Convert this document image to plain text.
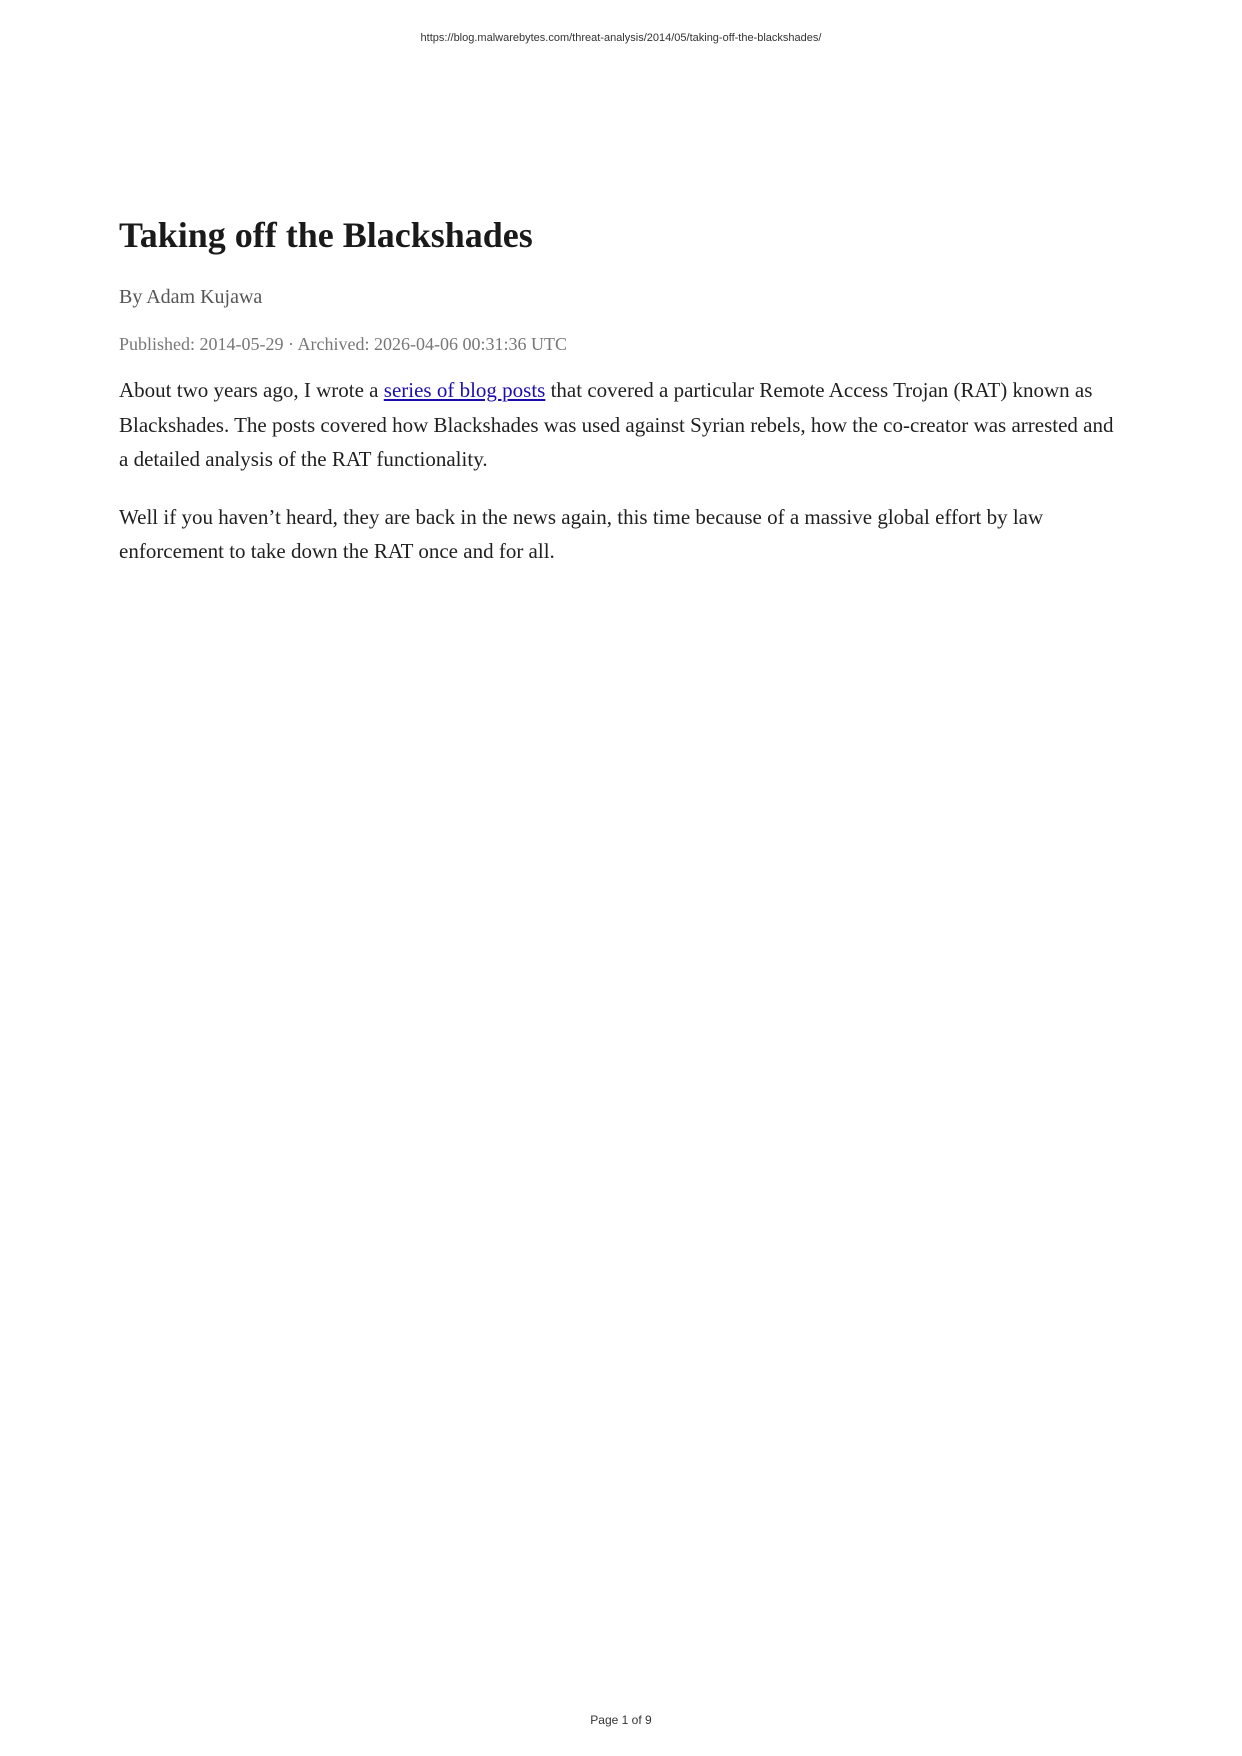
https://blog.malwarebytes.com/threat-analysis/2014/05/taking-off-the-blackshades/
Taking off the Blackshades
By Adam Kujawa
Published: 2014-05-29 · Archived: 2026-04-06 00:31:36 UTC

About two years ago, I wrote a series of blog posts that covered a particular Remote Access Trojan (RAT) known as Blackshades. The posts covered how Blackshades was used against Syrian rebels, how the co-creator was arrested and a detailed analysis of the RAT functionality.

Well if you haven’t heard, they are back in the news again, this time because of a massive global effort by law enforcement to take down the RAT once and for all.

Page 1 of 9
